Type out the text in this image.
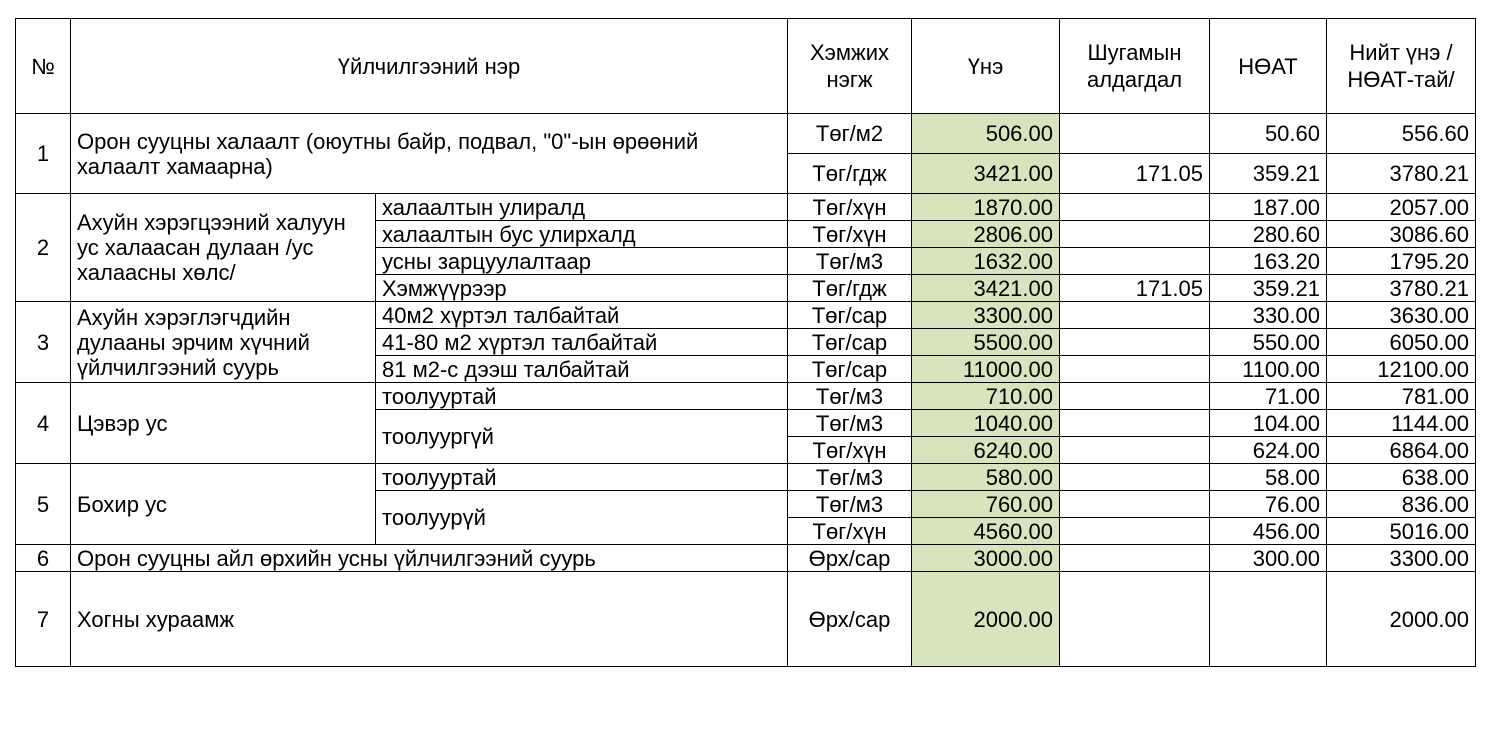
№	Үйлчилгээний нэр		Хэмжих нэгж	Үнэ	Шугамын алдагдал	НӨАТ	Нийт үнэ /НӨАТ-тай/
1	Орон сууцны халаалт (оюутны байр, подвал, "0"-ын өрөөний халаалт хамаарна)		Төг/м2	506.00		50.60	556.60
			Төг/гдж	3421.00	171.05	359.21	3780.21
2	Ахуйн хэрэгцээний халуун ус халаасан дулаан /ус халаасны хөлс/	халаалтын улиралд	Төг/хүн	1870.00		187.00	2057.00
		халаалтын бус улирхалд	Төг/хүн	2806.00		280.60	3086.60
		усны зарцуулалтаар	Төг/м3	1632.00		163.20	1795.20
		Хэмжүүрээр	Төг/гдж	3421.00	171.05	359.21	3780.21
3	Ахуйн хэрэглэгчдийн дулааны эрчим хүчний үйлчилгээний суурь	40м2 хүртэл талбайтай	Төг/сар	3300.00		330.00	3630.00
		41-80 м2 хүртэл талбайтай	Төг/сар	5500.00		550.00	6050.00
		81 м2-с дээш талбайтай	Төг/сар	11000.00		1100.00	12100.00
4	Цэвэр ус	тоолууртай	Төг/м3	710.00		71.00	781.00
		тоолуургүй	Төг/м3	1040.00		104.00	1144.00
			Төг/хүн	6240.00		624.00	6864.00
5	Бохир ус	тоолууртай	Төг/м3	580.00		58.00	638.00
		тоолуурүй	Төг/м3	760.00		76.00	836.00
			Төг/хүн	4560.00		456.00	5016.00
6	Орон сууцны айл өрхийн усны үйлчилгээний суурь		Өрх/сар	3000.00		300.00	3300.00
7	Хогны хураамж		Өрх/сар	2000.00			2000.00
